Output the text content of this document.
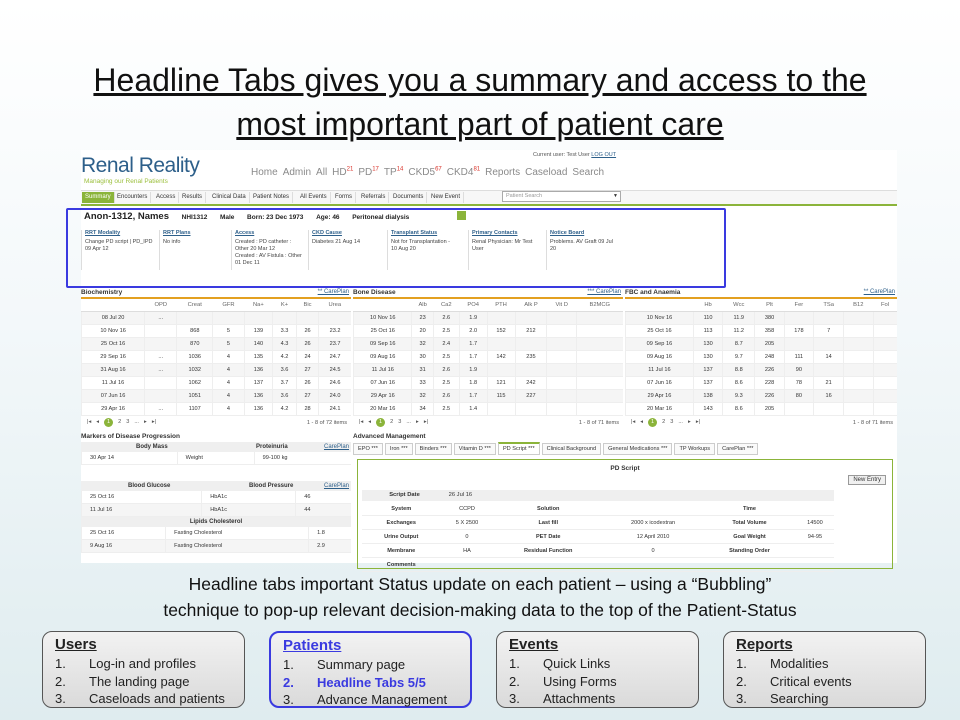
Headline Tabs gives you a summary and access to the
most important part of patient care
Renal Reality
Managing our Renal Patients
Current user: Test User LOG OUT
Home Admin All HD$^{21}$ PD$^{17}$ TP$^{14}$ $CKD5^{67}$ $CKD4^{81}$ Reports Caseload Search
Summary	Encounters	Access	Results	Clinical Data	Patient Notes	All Events	Forms	Referrals	Documents	New Event	Patient Search	▼
Anon-1312, Names NHI1312 Male Born: 23 Dec 1973 Age: 46 Peritoneal dialysis
RRT Modality
Change PD script | PD_IPD
09 Apr 12
RRT Plans
No info
Access
Created : PD catheter :
Other 20 Mar 12
Created : AV Fistula : Other
01 Dec 11
CKD Cause
Diabetes 21 Aug 14
Transplant Status
Not for Transplantation -
10 Aug 20
Primary Contacts
Renal Physician: Mr Test
User
Notice Board
Problems. AV Graft 09 Jul
20
Biochemistry	** CarePlan
	OPD	Creat	GFR	Na+	K+	Bic	Urea
08 Jul 20	...						
10 Nov 16		868	5	139	3.3	26	23.2
25 Oct 16		870	5	140	4.3	26	23.7
29 Sep 16	...	1036	4	135	4.2	24	24.7
31 Aug 16	...	1032	4	136	3.6	27	24.5
11 Jul 16		1062	4	137	3.7	26	24.6
07 Jun 16		1051	4	136	3.6	27	24.0
29 Apr 16	...	1107	4	136	4.2	28	24.1
|◂ ◂ 1 2 3 ... ▸ ▸|	1 - 8 of 72 items
Bone Disease	*** CarePlan
	Alb	Ca2	PO4	PTH	Alk P	Vit D	B2MCG
10 Nov 16	23	2.6	1.9				
25 Oct 16	20	2.5	2.0	152	212		
09 Sep 16	32	2.4	1.7				
09 Aug 16	30	2.5	1.7	142	235		
11 Jul 16	31	2.6	1.9				
07 Jun 16	33	2.5	1.8	121	242		
29 Apr 16	32	2.6	1.7	115	227		
20 Mar 16	34	2.5	1.4				
|◂ ◂ 1 2 3 ... ▸ ▸|	1 - 8 of 71 items
FBC and Anaemia	** CarePlan
	Hb	Wcc	Plt	Fer	TSa	B12	Fol
10 Nov 16	110	11.9	380				
25 Oct 16	113	11.2	358	178	7		
09 Sep 16	130	8.7	205				
09 Aug 16	130	9.7	248	111	14		
11 Jul 16	137	8.8	226	90			
07 Jun 16	137	8.6	228	78	21		
29 Apr 16	138	9.3	226	80	16		
20 Mar 16	143	8.6	205				
|◂ ◂ 1 2 3 ... ▸ ▸|	1 - 8 of 71 items
Markers of Disease Progression
Body Mass	Proteinuria	CarePlan
30 Apr 14	Weight	99-100 kg
Blood Glucose	Blood Pressure	CarePlan
25 Oct 16	HbA1c	46
11 Jul 16	HbA1c	44
Lipids Cholesterol
25 Oct 16	Fasting Cholesterol	1.8
9 Aug 16	Fasting Cholesterol	2.9
Advanced Management
EPO *** Iron *** Binders *** Vitamin D *** PD Script *** Clinical Background General Medications *** TP Workups CarePlan ***
PD Script
New Entry
Script Date	26 Jul 16
System	CCPD	Solution		Time	
Exchanges	5 X 2500	Last fill	2000 x icodextran	Total Volume	14500
Urine Output	0	PET Date	12 April 2010	Goal Weight	94-95
Membrane	HA	Residual Function	0	Standing Order	
Comments					
Headline tabs important Status update on each patient – using a “Bubbling”
technique to pop-up relevant decision-making data to the top of the Patient-Status
Users
1. Log-in and profiles
2. The landing page
3. Caseloads and patients
Patients
1. Summary page
2. Headline Tabs 5/5
3. Advance Management
Events
1. Quick Links
2. Using Forms
3. Attachments
Reports
1. Modalities
2. Critical events
3. Searching
